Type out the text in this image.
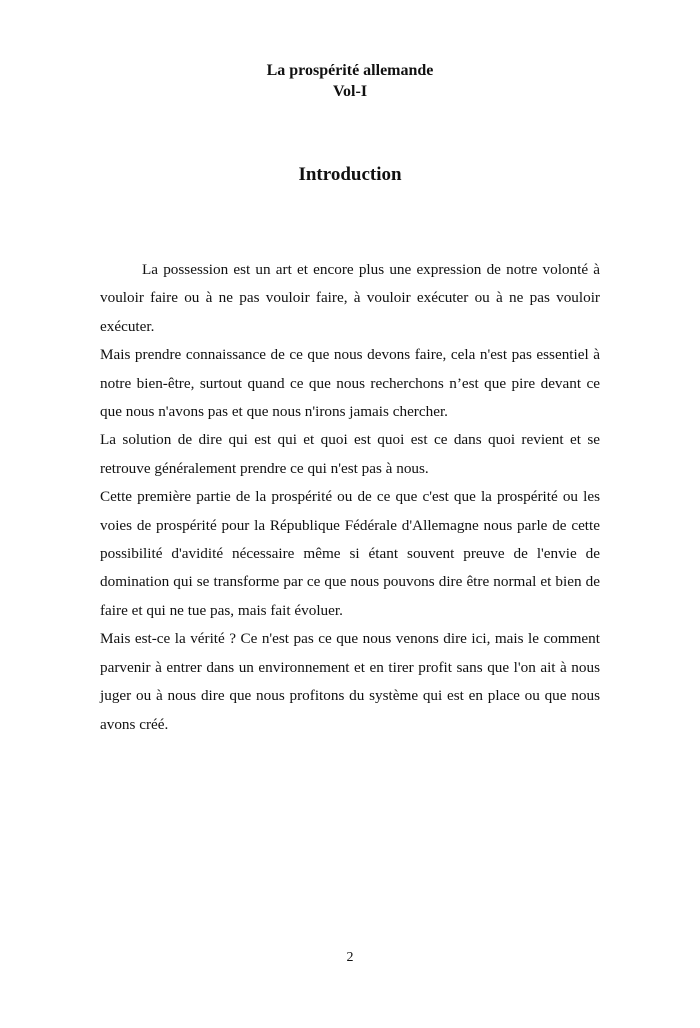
La prospérité allemande
Vol-I
Introduction

La possession est un art et encore plus une expression de notre volonté à vouloir faire ou à ne pas vouloir faire, à vouloir exécuter ou à ne pas vouloir exécuter.

Mais prendre connaissance de ce que nous devons faire, cela n'est pas essentiel à notre bien-être, surtout quand ce que nous recherchons n’est que pire devant ce que nous n'avons pas et que nous n'irons jamais chercher.

La solution de dire qui est qui et quoi est quoi est ce dans quoi revient et se retrouve généralement prendre ce qui n'est pas à nous.

Cette première partie de la prospérité ou de ce que c'est que la prospérité ou les voies de prospérité pour la République Fédérale d'Allemagne nous parle de cette possibilité d'avidité nécessaire même si étant souvent preuve de l'envie de domination qui se transforme par ce que nous pouvons dire être normal et bien de faire et qui ne tue pas, mais fait évoluer.

Mais est-ce la vérité ? Ce n'est pas ce que nous venons dire ici, mais le comment parvenir à entrer dans un environnement et en tirer profit sans que l'on ait à nous juger ou à nous dire que nous profitons du système qui est en place ou que nous avons créé.

2
